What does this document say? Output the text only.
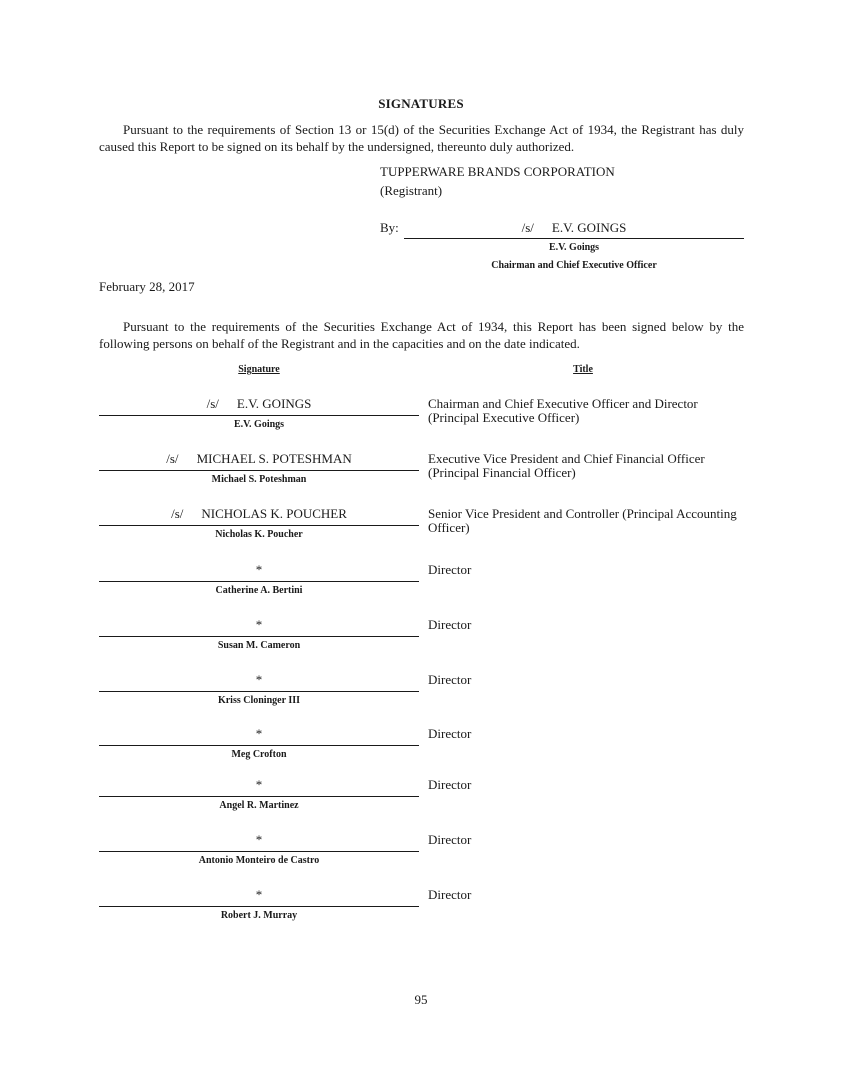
SIGNATURES
Pursuant to the requirements of Section 13 or 15(d) of the Securities Exchange Act of 1934, the Registrant has duly caused this Report to be signed on its behalf by the undersigned, thereunto duly authorized.
TUPPERWARE BRANDS CORPORATION
(Registrant)
By:	/s/ E.V. GOINGS
E.V. Goings
Chairman and Chief Executive Officer
February 28, 2017
Pursuant to the requirements of the Securities Exchange Act of 1934, this Report has been signed below by the following persons on behalf of the Registrant and in the capacities and on the date indicated.
Signature	Title
/s/ E.V. GOINGS
E.V. Goings
Chairman and Chief Executive Officer and Director (Principal Executive Officer)
/s/ MICHAEL S. POTESHMAN
Michael S. Poteshman
Executive Vice President and Chief Financial Officer (Principal Financial Officer)
/s/ NICHOLAS K. POUCHER
Nicholas K. Poucher
Senior Vice President and Controller (Principal Accounting Officer)
*
Catherine A. Bertini
Director
*
Susan M. Cameron
Director
*
Kriss Cloninger III
Director
*
Meg Crofton
Director
*
Angel R. Martinez
Director
*
Antonio Monteiro de Castro
Director
*
Robert J. Murray
Director
95
